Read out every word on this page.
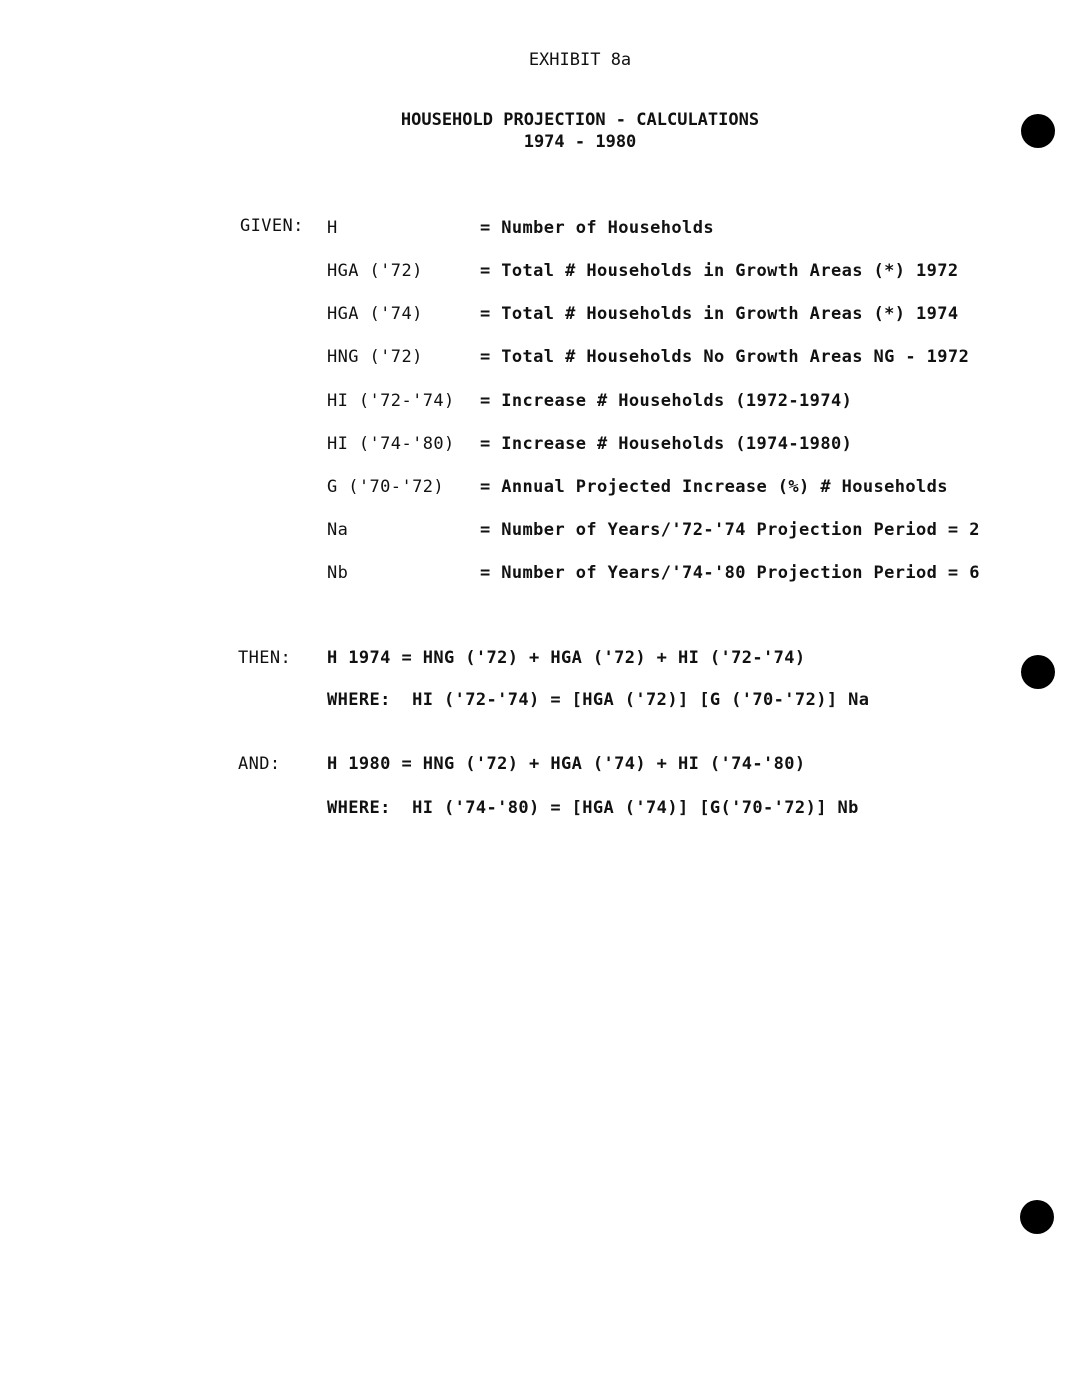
EXHIBIT 8a
HOUSEHOLD PROJECTION - CALCULATIONS
1974 - 1980
GIVEN: H	= Number of Households
HGA ('72)	= Total # Households in Growth Areas (*) 1972
HGA ('74)	= Total # Households in Growth Areas (*) 1974
HNG ('72)	= Total # Households No Growth Areas NG - 1972
HI ('72-'74) = Increase # Households (1972-1974)
HI ('74-'80) = Increase # Households (1974-1980)
G ('70-'72) = Annual Projected Increase (%) # Households
Na	= Number of Years/'72-'74 Projection Period = 2
Nb	= Number of Years/'74-'80 Projection Period = 6
THEN: H 1974 = HNG ('72) + HGA ('72) + HI ('72-'74)
WHERE:  HI ('72-'74) = [HGA ('72)] [G ('70-'72)] Na
AND:	H 1980 = HNG ('72) + HGA ('74) + HI ('74-'80)
WHERE:  HI ('74-'80) = [HGA ('74)] [G('70-'72)] Nb
